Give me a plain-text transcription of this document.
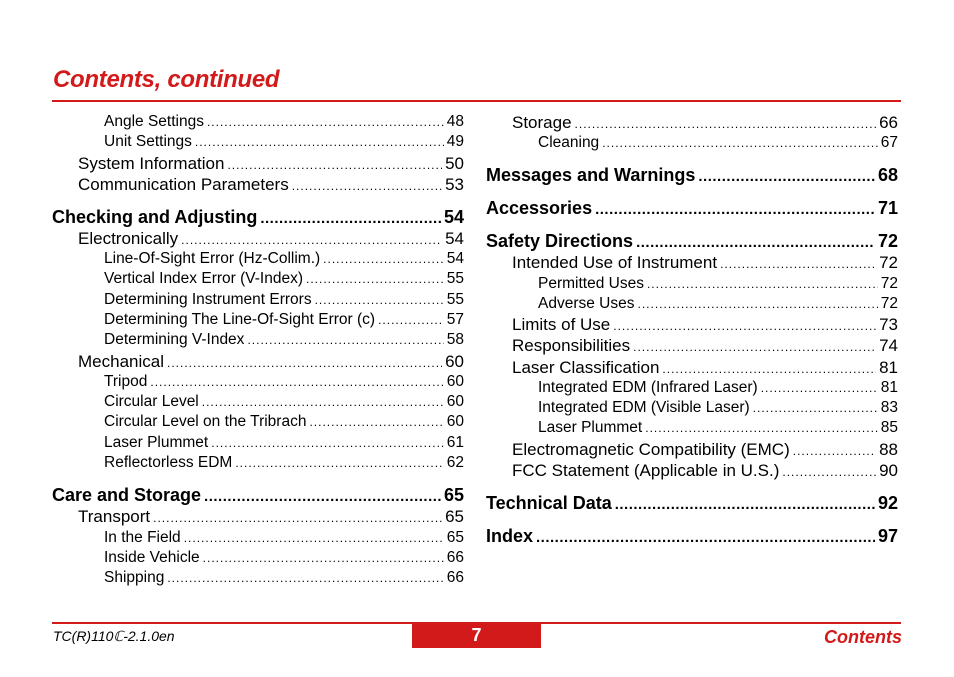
Contents, continued
Angle Settings .....	48
Unit Settings .....	49
System Information .....	50
Communication Parameters .....	53
Checking and Adjusting .....	54
Electronically .....	54
Line-Of-Sight Error (Hz-Collim.) .....	54
Vertical Index Error (V-Index) .....	55
Determining Instrument Errors .....	55
Determining The Line-Of-Sight Error (c) .....	57
Determining V-Index .....	58
Mechanical .....	60
Tripod .....	60
Circular Level .....	60
Circular Level on the Tribrach .....	60
Laser Plummet .....	61
Reflectorless EDM .....	62
Care and Storage .....	65
Transport .....	65
In the Field .....	65
Inside Vehicle .....	66
Shipping .....	66
Storage .....	66
Cleaning .....	67
Messages and Warnings .....	68
Accessories .....	71
Safety Directions .....	72
Intended Use of Instrument .....	72
Permitted Uses .....	72
Adverse Uses .....	72
Limits of Use .....	73
Responsibilities .....	74
Laser Classification .....	81
Integrated EDM (Infrared Laser) .....	81
Integrated EDM (Visible Laser) .....	83
Laser Plummet .....	85
Electromagnetic Compatibility (EMC) .....	88
FCC Statement (Applicable in U.S.) .....	90
Technical Data .....	92
Index .....	97
TC(R)110ℂ-2.1.0en	7	Contents
